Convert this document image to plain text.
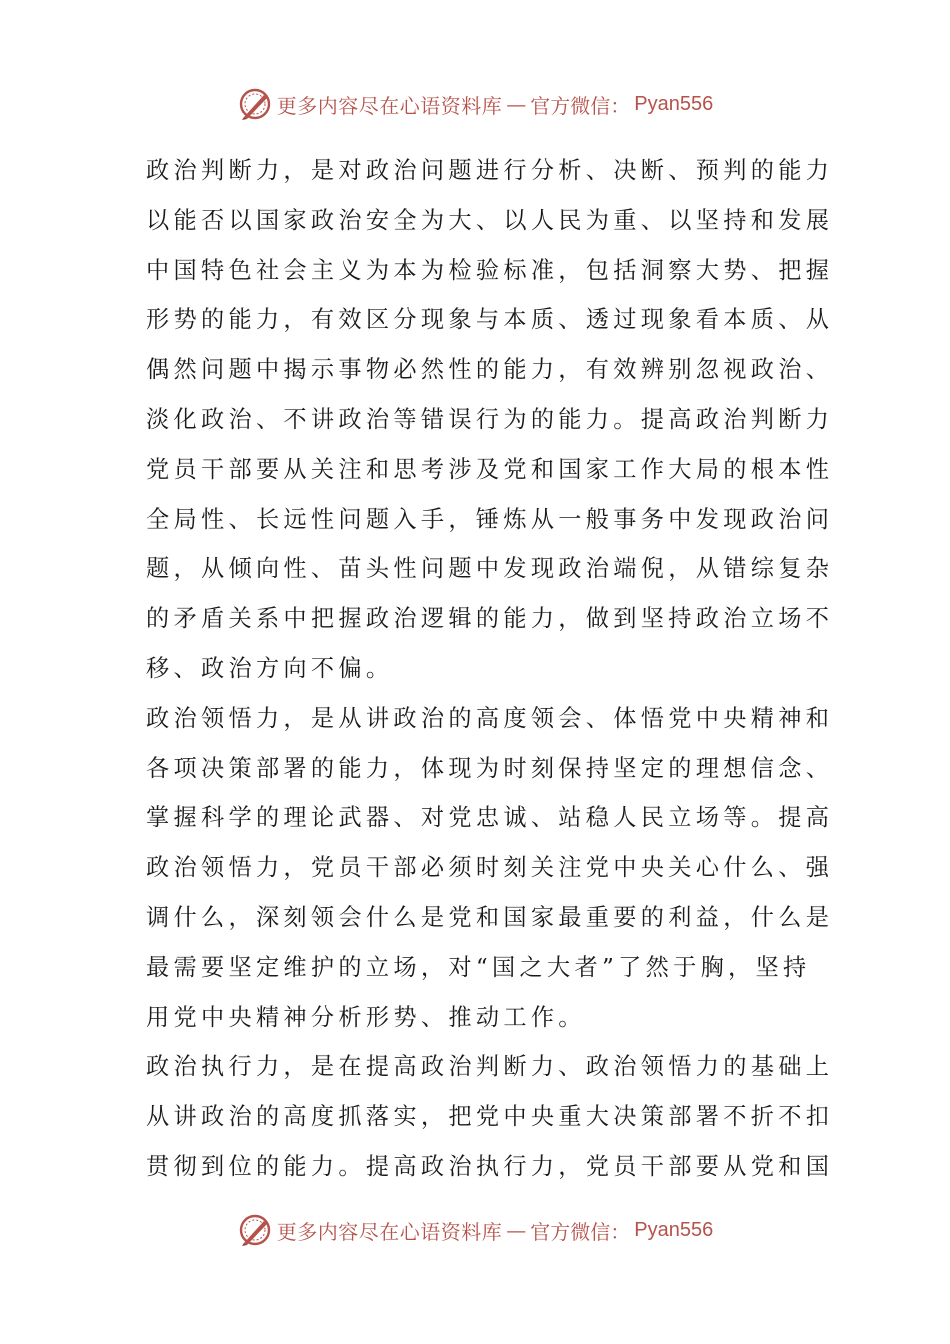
更多内容尽在心语资料库 — 官方微信： Pyan556
政治判断力，是对政治问题进行分析、决断、预判的能力
以能否以国家政治安全为大、以人民为重、以坚持和发展
中国特色社会主义为本为检验标准，包括洞察大势、把握
形势的能力，有效区分现象与本质、透过现象看本质、从
偶然问题中揭示事物必然性的能力，有效辨别忽视政治、
淡化政治、不讲政治等错误行为的能力。提高政治判断力
党员干部要从关注和思考涉及党和国家工作大局的根本性
全局性、长远性问题入手，锤炼从一般事务中发现政治问
题，从倾向性、苗头性问题中发现政治端倪，从错综复杂
的矛盾关系中把握政治逻辑的能力，做到坚持政治立场不
移、政治方向不偏。
政治领悟力，是从讲政治的高度领会、体悟党中央精神和
各项决策部署的能力，体现为时刻保持坚定的理想信念、
掌握科学的理论武器、对党忠诚、站稳人民立场等。提高
政治领悟力，党员干部必须时刻关注党中央关心什么、强
调什么，深刻领会什么是党和国家最重要的利益，什么是
最需要坚定维护的立场，对“国之大者”了然于胸，坚持
用党中央精神分析形势、推动工作。
政治执行力，是在提高政治判断力、政治领悟力的基础上
从讲政治的高度抓落实，把党中央重大决策部署不折不扣
贯彻到位的能力。提高政治执行力，党员干部要从党和国
更多内容尽在心语资料库 — 官方微信： Pyan556
